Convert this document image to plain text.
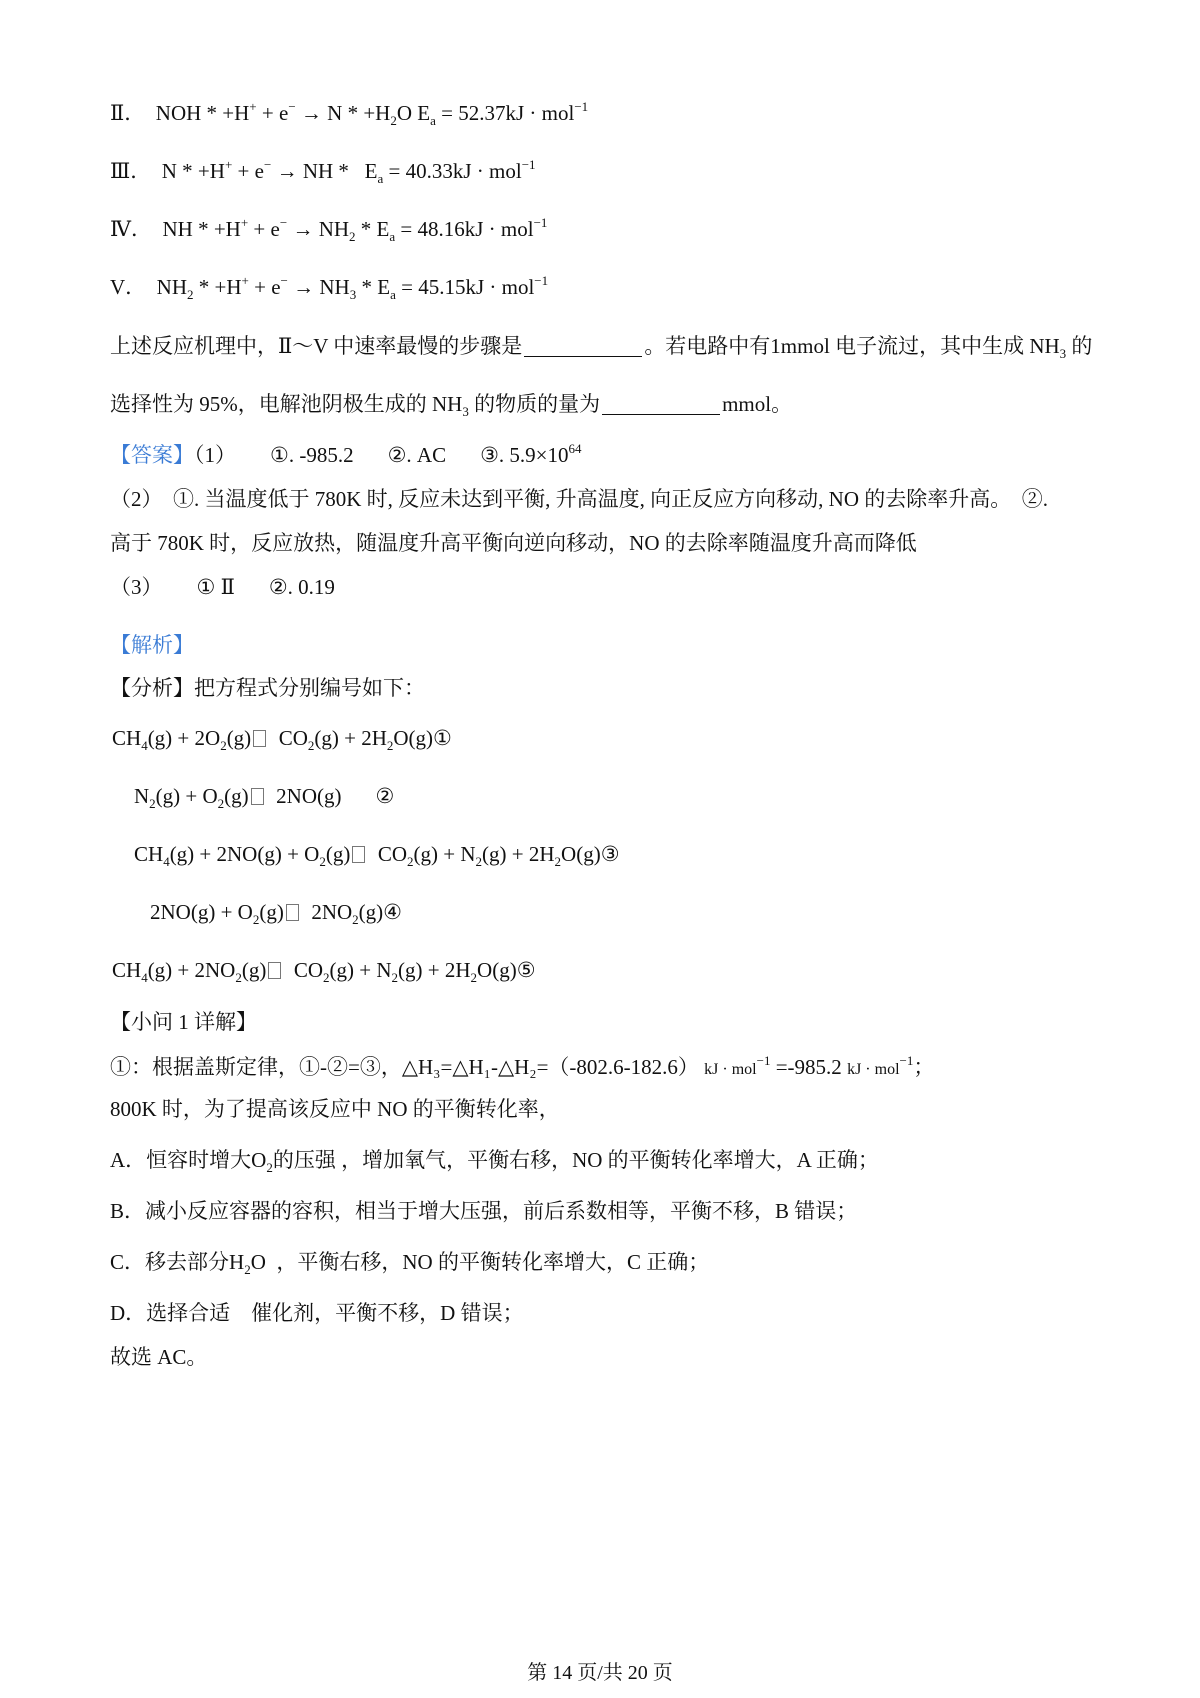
Ⅱ．  NOH * $+H^+ + e^- \to N * +H_2O$ $E_a = 52.37kJ \cdot mol^{-1}$
Ⅲ．  N * +H+ + e− → NH *   $E_a = 40.33kJ \cdot mol^{-1}$
Ⅳ．  NH * $+H^+ + e^- \to NH_2 * E_a = 48.16kJ \cdot mol^{-1}$
V．  $NH_2 * +H^+ + e^- \to NH_3 * E_a = 45.15kJ \cdot mol^{-1}$
上述反应机理中，Ⅱ～V 中速率最慢的步骤是	。若电路中有1mmol 电子流过，其中生成 $NH_3$ 的
选择性为 95%，电解池阴极生成的 $NH_3$ 的物质的量为	mmol。
【答案】（1） ①. -985.2 ②. AC ③. $5.9\times 10^{64}$
（2）　①. 当温度低于 780K 时, 反应未达到平衡, 升高温度, 向正反应方向移动, NO 的去除率升高。　②.
高于 780K 时，反应放热，随温度升高平衡向逆向移动，NO 的去除率随温度升高而降低
（3） ① Ⅱ ②. 0.19
【解析】
【分析】把方程式分别编号如下：
$CH_4(g) + 2O_2(g) CO_2(g)$ + $2H_2O(g)①$
$N_2(g) + O_2(g)$  2NO(g) ②
$CH_4(g) + 2NO(g) + O_2(g) CO_2(g) + N_2(g)$ + $2H_2O(g)③$
$2NO(g) + O_2(g)$  $2NO_2(g)④$
$CH_4(g) + 2NO_2(g) CO_2(g) + N_2(g)$ + $2H_2O(g)⑤$
【小问 1 详解】
①：根据盖斯定律，①-②=③，△H₃=△H₁-△H₂=（-802.6-182.6） kJ · mol$^{-1}$ =-985.2 kJ · mol$^{-1}$；
800K 时，为了提高该反应中 NO 的平衡转化率，
A．恒容时增大$O_2$的压强 ，增加氧气，平衡右移，NO 的平衡转化率增大，A 正确；
B．减小反应容器的容积，相当于增大压强，前后系数相等，平衡不移，B 错误；
C．移去部分$H_2O$  ，平衡右移，NO 的平衡转化率增大，C 正确；
D．选择合适　催化剂，平衡不移，D 错误；
故选 AC。
第 14 页/共 20 页
